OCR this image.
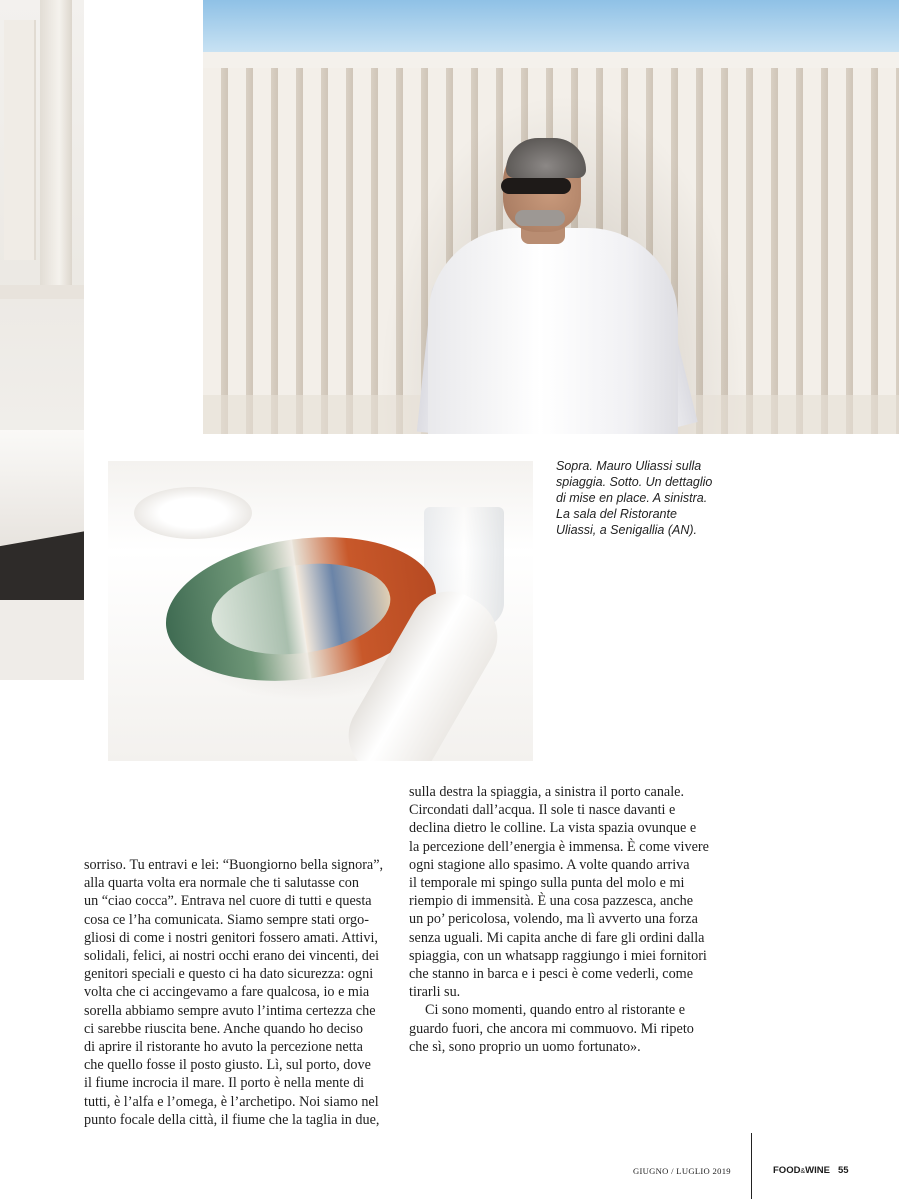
Sopra. Mauro Uliassi sulla
spiaggia. Sotto. Un dettaglio
di mise en place. A sinistra.
La sala del Ristorante
Uliassi, a Senigallia (AN).
sorriso. Tu entravi e lei: “Buongiorno bella signora”,
alla quarta volta era normale che ti salutasse con
un “ciao cocca”. Entrava nel cuore di tutti e questa
cosa ce l’ha comunicata. Siamo sempre stati orgo-
gliosi di come i nostri genitori fossero amati. Attivi,
solidali, felici, ai nostri occhi erano dei vincenti, dei
genitori speciali e questo ci ha dato sicurezza: ogni
volta che ci accingevamo a fare qualcosa, io e mia
sorella abbiamo sempre avuto l’intima certezza che
ci sarebbe riuscita bene. Anche quando ho deciso
di aprire il ristorante ho avuto la percezione netta
che quello fosse il posto giusto. Lì, sul porto, dove
il fiume incrocia il mare. Il porto è nella mente di
tutti, è l’alfa e l’omega, è l’archetipo. Noi siamo nel
punto focale della città, il fiume che la taglia in due,
sulla destra la spiaggia, a sinistra il porto canale.
Circondati dall’acqua. Il sole ti nasce davanti e
declina dietro le colline. La vista spazia ovunque e
la percezione dell’energia è immensa. È come vivere
ogni stagione allo spasimo. A volte quando arriva
il temporale mi spingo sulla punta del molo e mi
riempio di immensità. È una cosa pazzesca, anche
un po’ pericolosa, volendo, ma lì avverto una forza
senza uguali. Mi capita anche di fare gli ordini dalla
spiaggia, con un whatsapp raggiungo i miei fornitori
che stanno in barca e i pesci è come vederli, come
tirarli su.
Ci sono momenti, quando entro al ristorante e
guardo fuori, che ancora mi commuovo. Mi ripeto
che sì, sono proprio un uomo fortunato».
GIUGNO / LUGLIO 2019	FOOD&WINE 55
